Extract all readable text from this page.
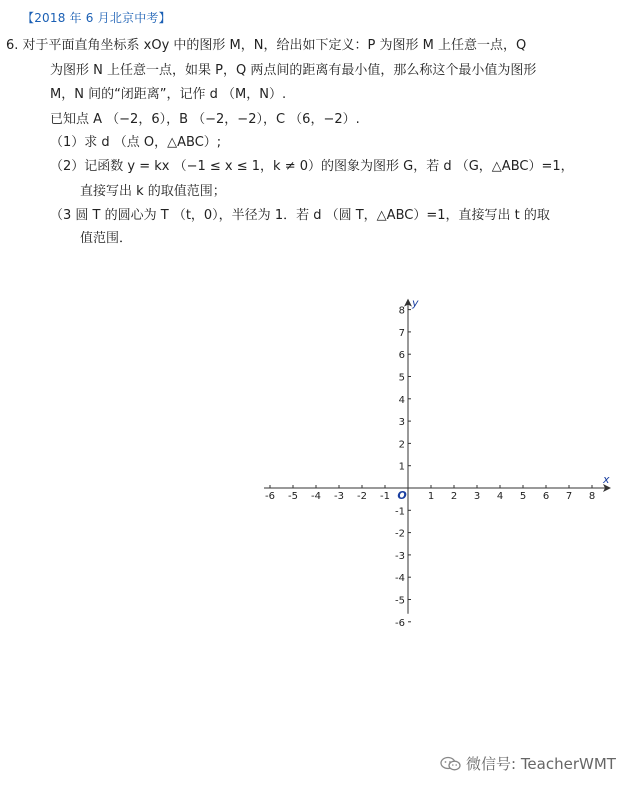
【2018 年 6 月北京中考】
6. 对于平面直角坐标系 xOy 中的图形 M，N，给出如下定义：P 为图形 M 上任意一点，Q
为图形 N 上任意一点，如果 P，Q 两点间的距离有最小值，那么称这个最小值为图形
M，N 间的“闭距离”，记作 d （M，N）.
已知点 A （−2，6），B （−2，−2），C （6，−2）.
（1）求 d （点 O，△ABC）;
（2）记函数 y = kx （−1 ≤ x ≤ 1，k ≠ 0）的图象为图形 G，若 d （G，△ABC）=1，
直接写出 k 的取值范围；
（3 圆 T 的圆心为 T （t，0），半径为 1．若 d （圆 T，△ABC）=1，直接写出 t 的取
值范围．
-6 -5 -4 -3 -2 -1	1 2 3 4 5 6 7 8
8
7
6
5
4
3
2
1
-1
-2
-3
-4
-5
-6
x
y
O
微信号: TeacherWMT
